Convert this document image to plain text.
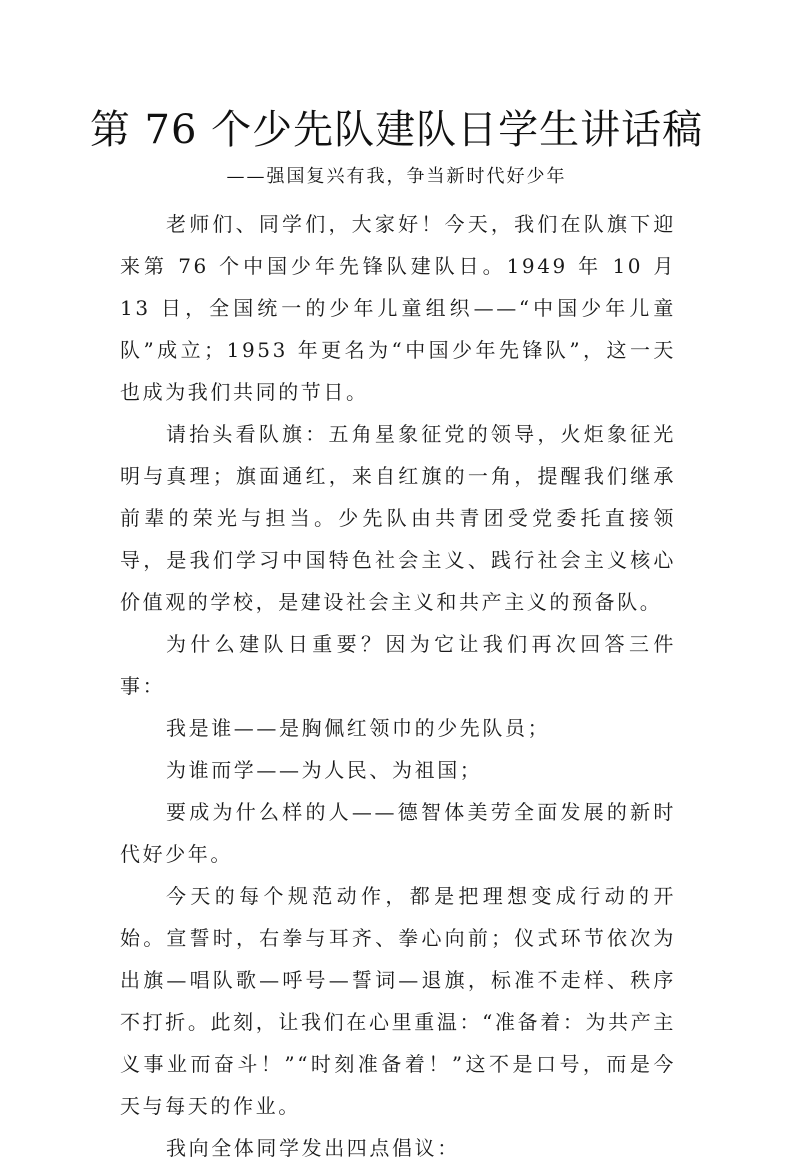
第 76 个少先队建队日学生讲话稿
——强国复兴有我，争当新时代好少年

老师们、同学们，大家好！今天，我们在队旗下迎来第 76 个中国少年先锋队建队日。1949 年 10 月 13 日，全国统一的少年儿童组织——“中国少年儿童队”成立；1953 年更名为“中国少年先锋队”，这一天也成为我们共同的节日。

请抬头看队旗：五角星象征党的领导，火炬象征光明与真理；旗面通红，来自红旗的一角，提醒我们继承前辈的荣光与担当。少先队由共青团受党委托直接领导，是我们学习中国特色社会主义、践行社会主义核心价值观的学校，是建设社会主义和共产主义的预备队。

为什么建队日重要？因为它让我们再次回答三件事：

我是谁——是胸佩红领巾的少先队员；

为谁而学——为人民、为祖国；

要成为什么样的人——德智体美劳全面发展的新时代好少年。

今天的每个规范动作，都是把理想变成行动的开始。宣誓时，右拳与耳齐、拳心向前；仪式环节依次为出旗—唱队歌—呼号—誓词—退旗，标准不走样、秩序不打折。此刻，让我们在心里重温：“准备着：为共产主义事业而奋斗！”“时刻准备着！”这不是口号，而是今天与每天的作业。

我向全体同学发出四点倡议：
